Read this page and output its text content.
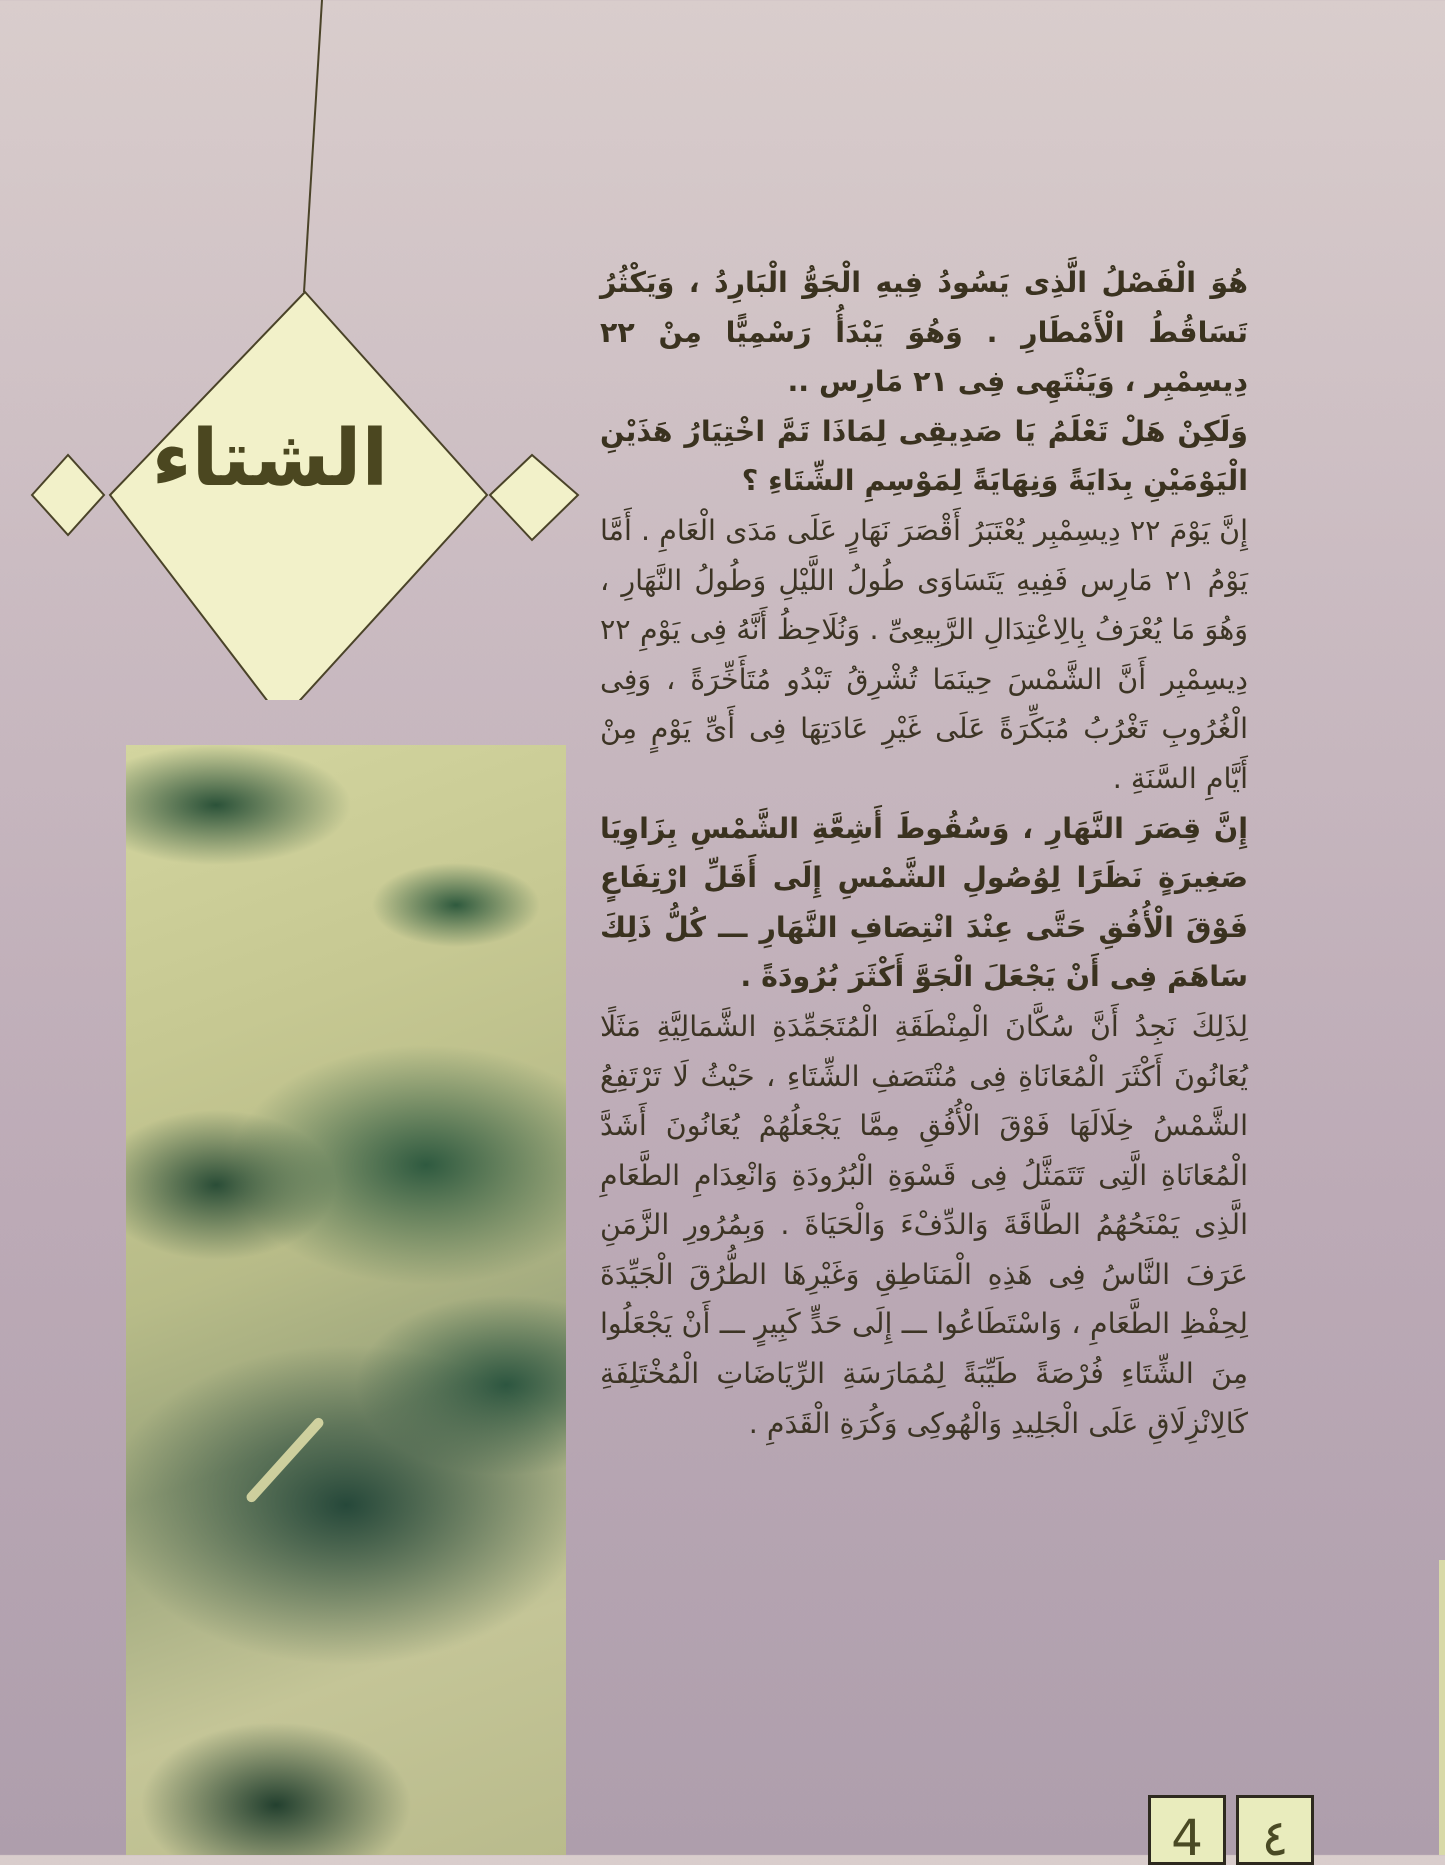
الشتاء

هُوَ الْفَصْلُ الَّذِى يَسُودُ فِيهِ الْجَوُّ الْبَارِدُ ، وَيَكْثُرُ تَسَاقُطُ الْأَمْطَارِ . وَهُوَ يَبْدَأُ رَسْمِيًّا مِنْ ٢٢ دِيسِمْبِر ، وَيَنْتَهِى فِى ٢١ مَارِس ..

وَلَكِنْ هَلْ تَعْلَمُ يَا صَدِيقِى لِمَاذَا تَمَّ اخْتِيَارُ هَذَيْنِ الْيَوْمَيْنِ بِدَايَةً وَنِهَايَةً لِمَوْسِمِ الشِّتَاءِ ؟

إِنَّ يَوْمَ ٢٢ دِيسِمْبِر يُعْتَبَرُ أَقْصَرَ نَهَارٍ عَلَى مَدَى الْعَامِ . أَمَّا يَوْمُ ٢١ مَارِس فَفِيهِ يَتَسَاوَى طُولُ اللَّيْلِ وَطُولُ النَّهَارِ ، وَهُوَ مَا يُعْرَفُ بِالِاعْتِدَالِ الرَّبِيعِىِّ . وَنُلَاحِظُ أَنَّهُ فِى يَوْمِ ٢٢ دِيسِمْبِر أَنَّ الشَّمْسَ حِينَمَا تُشْرِقُ تَبْدُو مُتَأَخِّرَةً ، وَفِى الْغُرُوبِ تَغْرُبُ مُبَكِّرَةً عَلَى غَيْرِ عَادَتِهَا فِى أَىِّ يَوْمٍ مِنْ أَيَّامِ السَّنَةِ .

إِنَّ قِصَرَ النَّهَارِ ، وَسُقُوطَ أَشِعَّةِ الشَّمْسِ بِزَاوِيَا صَغِيرَةٍ نَظَرًا لِوُصُولِ الشَّمْسِ إِلَى أَقَلِّ ارْتِفَاعٍ فَوْقَ الْأُفُقِ حَتَّى عِنْدَ انْتِصَافِ النَّهَارِ ـــ كُلُّ ذَلِكَ سَاهَمَ فِى أَنْ يَجْعَلَ الْجَوَّ أَكْثَرَ بُرُودَةً .

لِذَلِكَ نَجِدُ أَنَّ سُكَّانَ الْمِنْطَقَةِ الْمُتَجَمِّدَةِ الشَّمَالِيَّةِ مَثَلًا يُعَانُونَ أَكْثَرَ الْمُعَانَاةِ فِى مُنْتَصَفِ الشِّتَاءِ ، حَيْثُ لَا تَرْتَفِعُ الشَّمْسُ خِلَالَهَا فَوْقَ الْأُفُقِ مِمَّا يَجْعَلُهُمْ يُعَانُونَ أَشَدَّ الْمُعَانَاةِ الَّتِى تَتَمَثَّلُ فِى قَسْوَةِ الْبُرُودَةِ وَانْعِدَامِ الطَّعَامِ الَّذِى يَمْنَحُهُمُ الطَّاقَةَ وَالدِّفْءَ وَالْحَيَاةَ . وَبِمُرُورِ الزَّمَنِ عَرَفَ النَّاسُ فِى هَذِهِ الْمَنَاطِقِ وَغَيْرِهَا الطُّرُقَ الْجَيِّدَةَ لِحِفْظِ الطَّعَامِ ، وَاسْتَطَاعُوا ـــ إِلَى حَدٍّ كَبِيرٍ ـــ أَنْ يَجْعَلُوا مِنَ الشِّتَاءِ فُرْصَةً طَيِّبَةً لِمُمَارَسَةِ الرِّيَاضَاتِ الْمُخْتَلِفَةِ كَالِانْزِلَاقِ عَلَى الْجَلِيدِ وَالْهُوكِى وَكُرَةِ الْقَدَمِ .

4	٤
